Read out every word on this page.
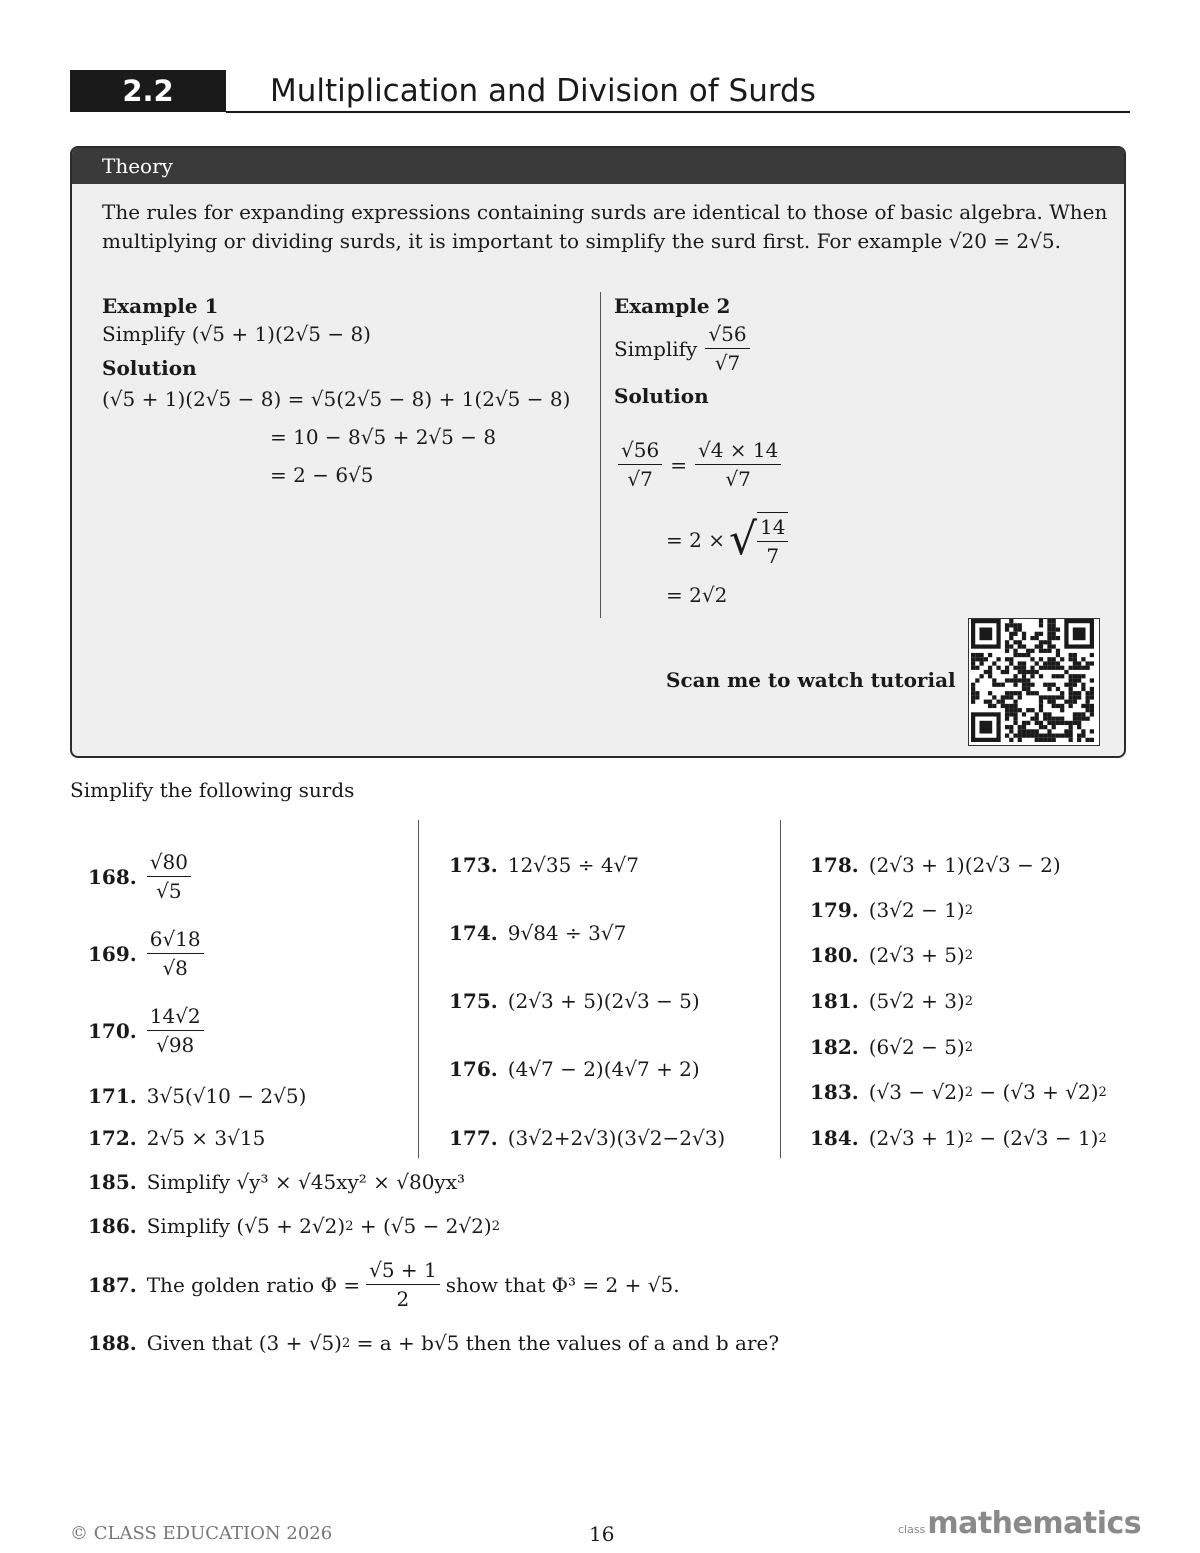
2.2	Multiplication and Division of Surds
Theory
The rules for expanding expressions containing surds are identical to those of basic algebra. When multiplying or dividing surds, it is important to simplify the surd first. For example √20 = 2√5.
Example 1
Simplify (√5 + 1)(2√5 − 8)
Solution
(√5 + 1)(2√5 − 8) = √5(2√5 − 8) + 1(2√5 − 8)
= 10 − 8√5 + 2√5 − 8
= 2 − 6√5
Example 2
Simplify $\frac{√56}{√7}$
Solution
$\frac{√56}{√7} = \frac{√4 \times 14}{√7}$
= 2 × √ $\frac{14}{7}$
= 2√2
Scan me to watch tutorial
Simplify the following surds
168. $\frac{√80}{√5}$
169. $\frac{6√18}{√8}$
170. $\frac{14√2}{√98}$
171. 3√5(√10 − 2√5)
172. 2√5 × 3√15
173. 12√35 ÷ 4√7
174. 9√84 ÷ 3√7
175. (2√3 + 5)(2√3 − 5)
176. (4√7 − 2)(4√7 + 2)
177. (3√2+2√3)(3√2−2√3)
178. (2√3 + 1)(2√3 − 2)
179. (3√2 − 1) 2
180. (2√3 + 5) 2
181. (5√2 + 3) 2
182. (6√2 − 5) 2
183. (√3 − √2) 2 − (√3 + √2) 2
184. (2√3 + 1) 2 − (2√3 − 1) 2
185. Simplify √y³ × √45xy² × √80yx³
186. Simplify (√5 + 2√2) 2 + (√5 − 2√2) 2
187. The golden ratio $\Phi = \frac{√5 + 1}{2}$ show that Φ³ = 2 + √5.
188. Given that (3 + √5) 2 = a + b√5 then the values of a and b are?
© CLASS EDUCATION 2026	16	class mathematics
